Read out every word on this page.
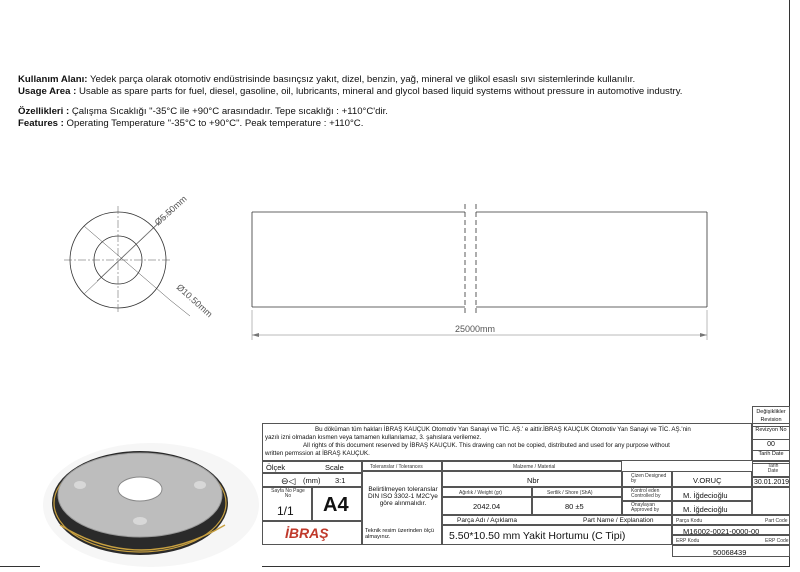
Kullanım Alanı: Yedek parça olarak otomotiv endüstrisinde basınçsız yakıt, dizel, benzin, yağ, mineral ve glikol esaslı sıvı sistemlerinde kullanılır.
Usage Area : Usable as spare parts for fuel, diesel, gasoline, oil, lubricants, mineral and glycol based liquid systems without pressure in automotive industry.
Özellikleri : Çalışma Sıcaklığı "-35°C ile +90°C arasındadır. Tepe sıcaklığı : +110°C'dir.
Features : Operating Temperature "-35°C to +90°C". Peak temperature : +110°C.
Ø5.50mm
Ø10.50mm
25000mm
Değişiklikler Revision
Revizyon No
00
Tarih Date
Bu döküman tüm hakları İBRAŞ KAUÇUK Otomotiv Yan Sanayi ve TİC. AŞ.' e aittir.İBRAŞ KAUÇUK Otomotiv Yan Sanayi ve TİC. AŞ.'nin
yazılı izni olmadan kısmen veya tamamen kullanılamaz, 3. şahıslara verilemez.
All rights of this document reserved by İBRAŞ KAUÇUK. This drawing can not be copied, distributed and used for any purpose without
written permssion at İBRAŞ KAUÇUK.
Ölçek	Scale
⊖◁ (mm) 3:1
Sayfa No Page No
1/1 A4
İBRAŞ
Toleranslar / Tolerances
Belirtilmeyen toleranslar DIN ISO 3302-1 M2C'ye göre alınmalıdır.
Teknik resim üzerinden ölçü almayınız.
Malzeme / Material
Nbr
Ağırlık / Weight (gr)	Sertlik / Shore (ShA)
2042.04	80 ±5
Çizen Designed by	V.ORUÇ
Kontrol eden Controlled by	M. İğdecioğlu
Onaylayan Approved by	M. İğdecioğlu
Tarih Date
30.01.2019
Parça Adı / Açıklama	Part Name / Explanation
5.50*10.50 mm Yakit Hortumu (C Tipi)
Parça Kodu	Part Code
M16002-0021-0000-00
ERP Kodu	ERP Code
50068439
